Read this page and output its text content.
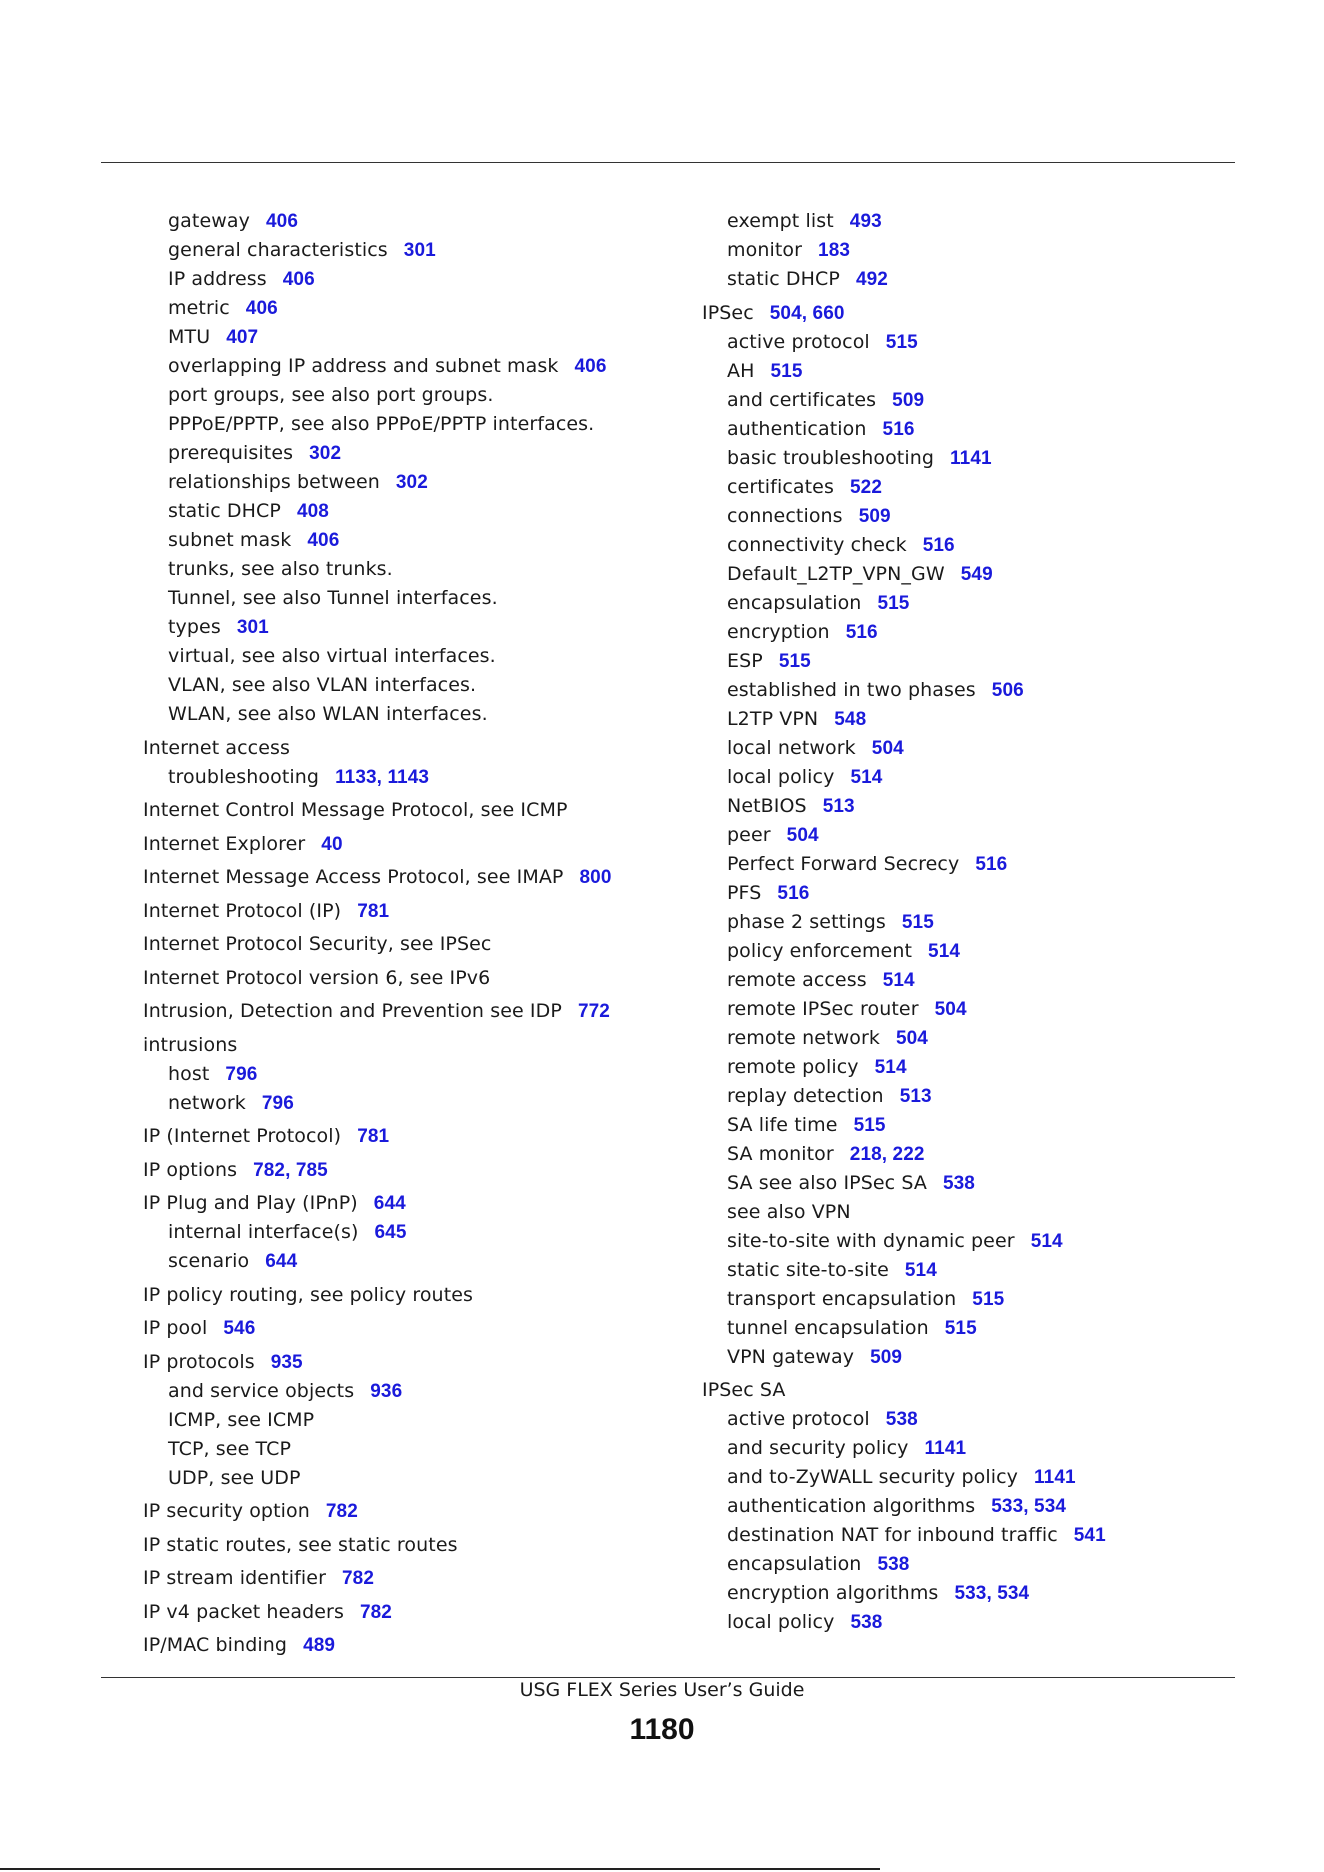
gateway 406
general characteristics 301
IP address 406
metric 406
MTU 407
overlapping IP address and subnet mask 406
port groups, see also port groups.
PPPoE/PPTP, see also PPPoE/PPTP interfaces.
prerequisites 302
relationships between 302
static DHCP 408
subnet mask 406
trunks, see also trunks.
Tunnel, see also Tunnel interfaces.
types 301
virtual, see also virtual interfaces.
VLAN, see also VLAN interfaces.
WLAN, see also WLAN interfaces.
Internet access
troubleshooting 1133, 1143
Internet Control Message Protocol, see ICMP
Internet Explorer 40
Internet Message Access Protocol, see IMAP 800
Internet Protocol (IP) 781
Internet Protocol Security, see IPSec
Internet Protocol version 6, see IPv6
Intrusion, Detection and Prevention see IDP 772
intrusions
host 796
network 796
IP (Internet Protocol) 781
IP options 782, 785
IP Plug and Play (IPnP) 644
internal interface(s) 645
scenario 644
IP policy routing, see policy routes
IP pool 546
IP protocols 935
and service objects 936
ICMP, see ICMP
TCP, see TCP
UDP, see UDP
IP security option 782
IP static routes, see static routes
IP stream identifier 782
IP v4 packet headers 782
IP/MAC binding 489
exempt list 493
monitor 183
static DHCP 492
IPSec 504, 660
active protocol 515
AH 515
and certificates 509
authentication 516
basic troubleshooting 1141
certificates 522
connections 509
connectivity check 516
Default_L2TP_VPN_GW 549
encapsulation 515
encryption 516
ESP 515
established in two phases 506
L2TP VPN 548
local network 504
local policy 514
NetBIOS 513
peer 504
Perfect Forward Secrecy 516
PFS 516
phase 2 settings 515
policy enforcement 514
remote access 514
remote IPSec router 504
remote network 504
remote policy 514
replay detection 513
SA life time 515
SA monitor 218, 222
SA see also IPSec SA 538
see also VPN
site-to-site with dynamic peer 514
static site-to-site 514
transport encapsulation 515
tunnel encapsulation 515
VPN gateway 509
IPSec SA
active protocol 538
and security policy 1141
and to-ZyWALL security policy 1141
authentication algorithms 533, 534
destination NAT for inbound traffic 541
encapsulation 538
encryption algorithms 533, 534
local policy 538
USG FLEX Series User’s Guide
1180
